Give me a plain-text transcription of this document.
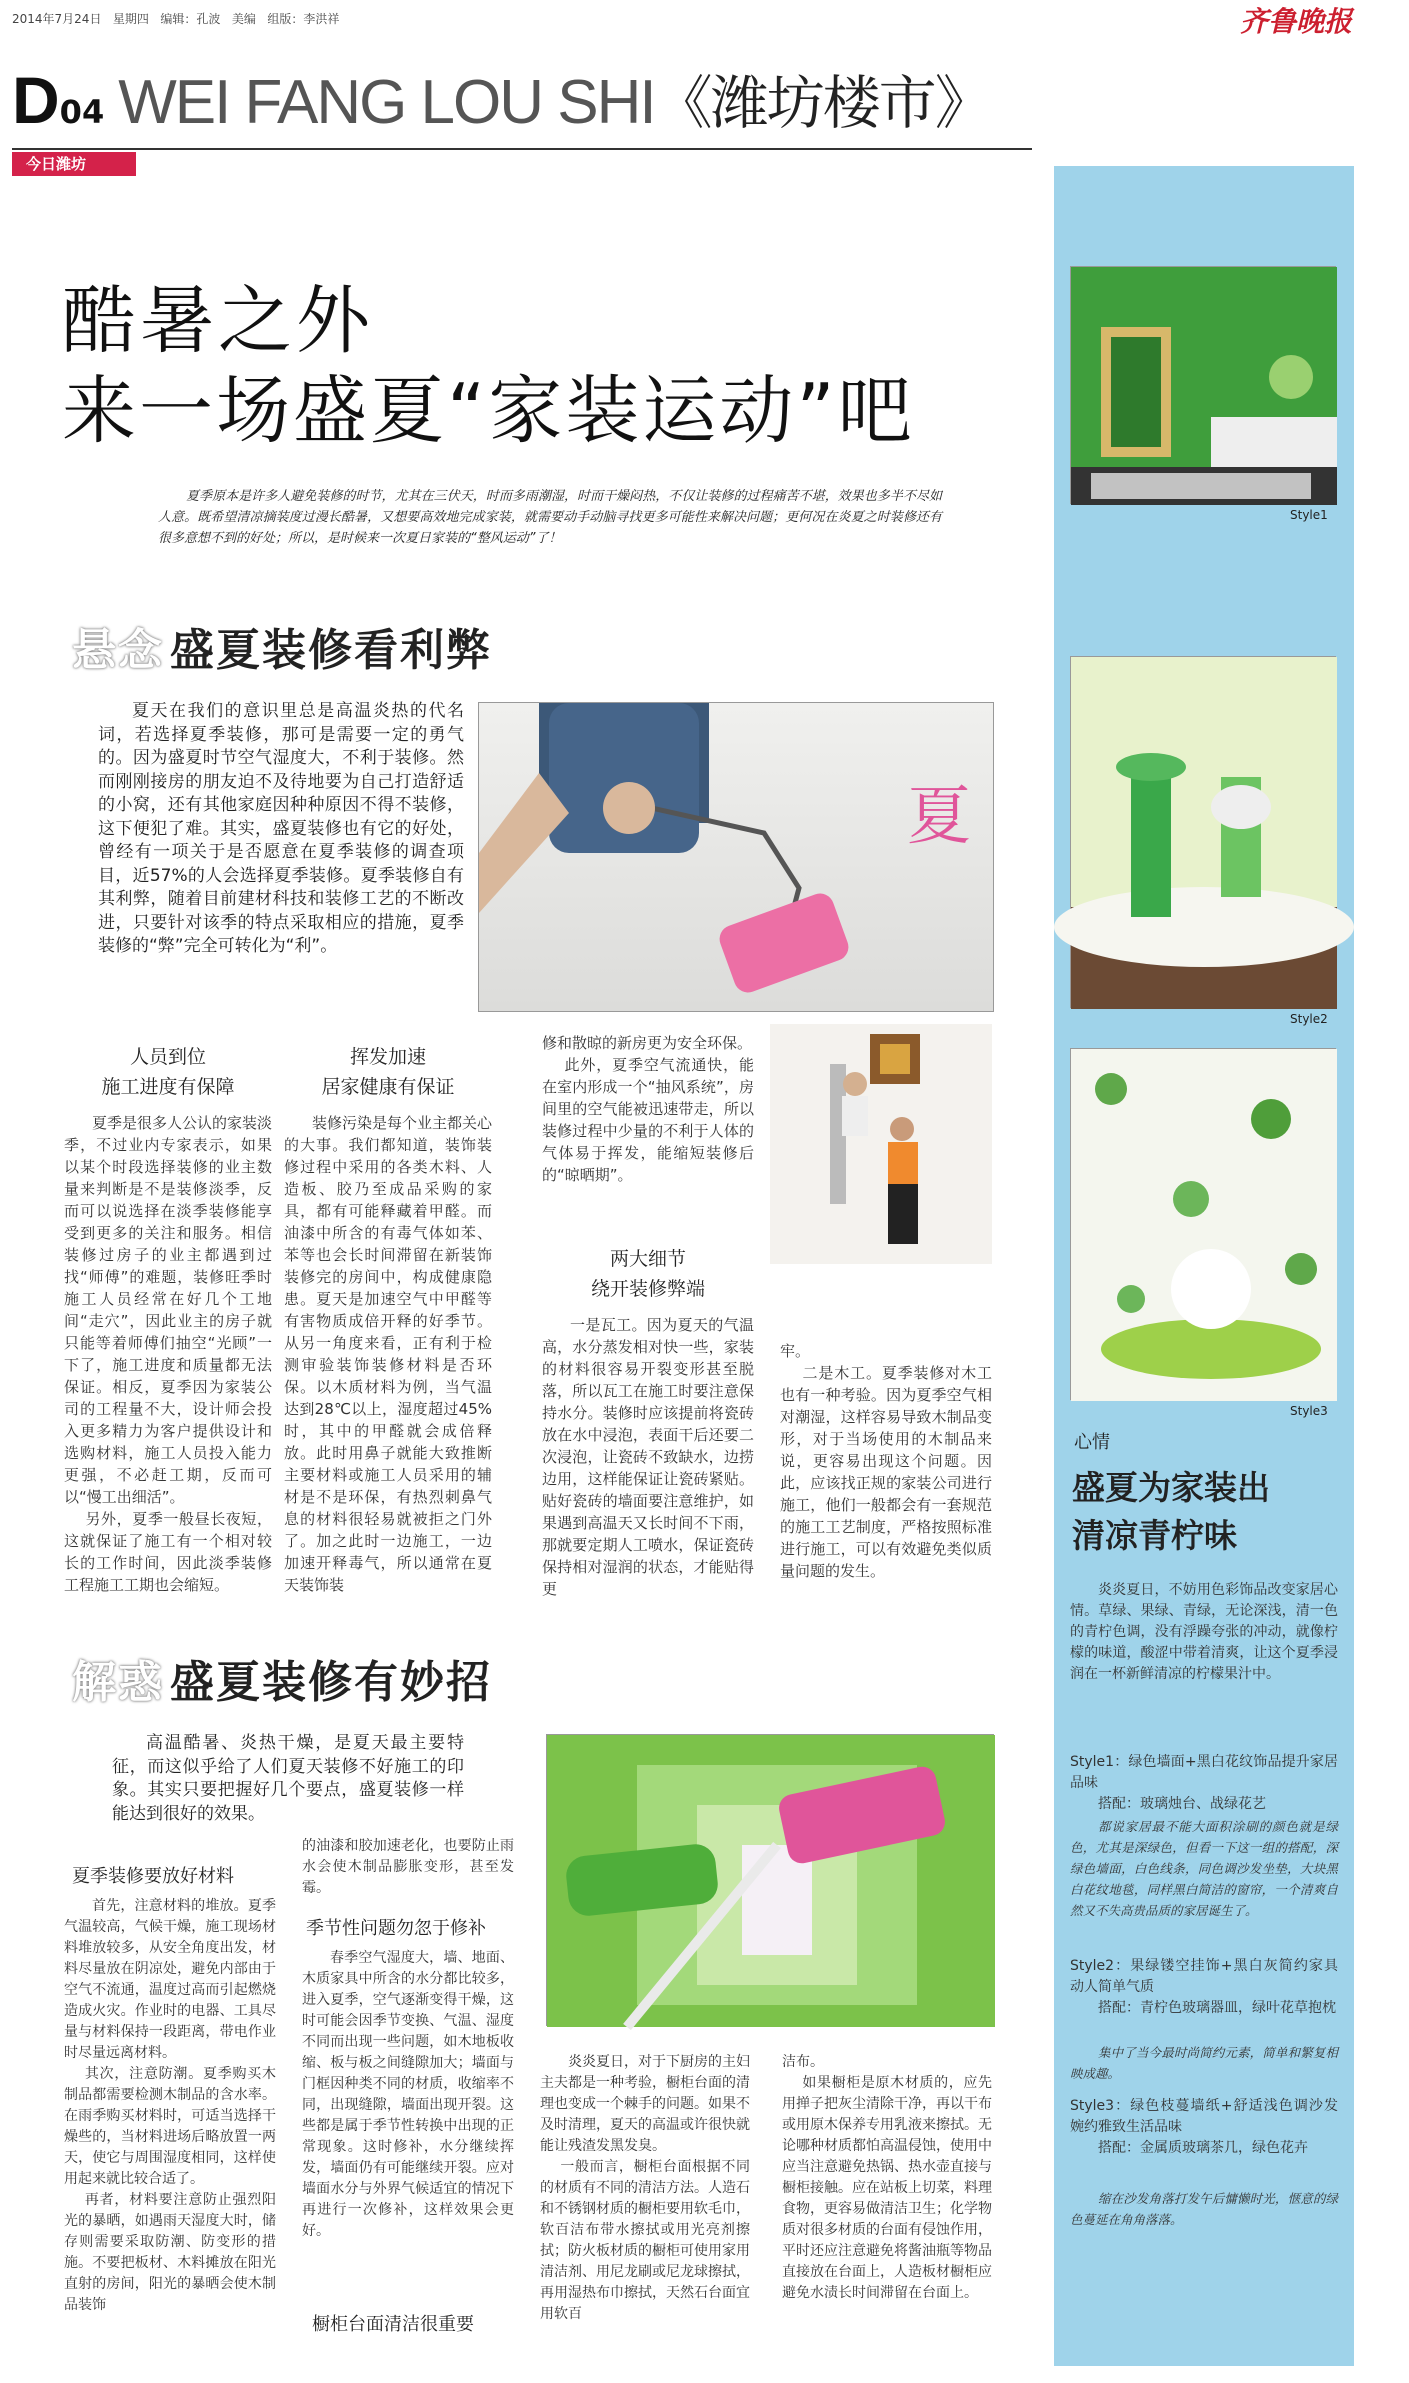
2014年7月24日 星期四 编辑：孔波 美编 组版：李洪祥	齐鲁晚报
D04 WEI FANG LOU SHI《潍坊楼市》
今日潍坊
酷暑之外
来一场盛夏“家装运动”吧
夏季原本是许多人避免装修的时节，尤其在三伏天，时而多雨潮湿，时而干燥闷热，不仅让装修的过程痛苦不堪，效果也多半不尽如人意。既希望清凉摘装度过漫长酷暑，又想要高效地完成家装，就需要动手动脑寻找更多可能性来解决问题；更何况在炎夏之时装修还有很多意想不到的好处；所以，是时候来一次夏日家装的“整风运动”了！
悬念 盛夏装修看利弊
夏天在我们的意识里总是高温炎热的代名词，若选择夏季装修，那可是需要一定的勇气的。因为盛夏时节空气湿度大，不利于装修。然而刚刚接房的朋友迫不及待地要为自己打造舒适的小窝，还有其他家庭因种种原因不得不装修，这下便犯了难。其实，盛夏装修也有它的好处，曾经有一项关于是否愿意在夏季装修的调查项目，近57%的人会选择夏季装修。夏季装修自有其利弊，随着目前建材科技和装修工艺的不断改进，只要针对该季的特点采取相应的措施，夏季装修的“弊”完全可转化为“利”。
夏
人员到位
施工进度有保障
夏季是很多人公认的家装淡季，不过业内专家表示，如果以某个时段选择装修的业主数量来判断是不是装修淡季，反而可以说选择在淡季装修能享受到更多的关注和服务。相信装修过房子的业主都遇到过找“师傅”的难题，装修旺季时施工人员经常在好几个工地间“走穴”，因此业主的房子就只能等着师傅们抽空“光顾”一下了，施工进度和质量都无法保证。相反，夏季因为家装公司的工程量不大，设计师会投入更多精力为客户提供设计和选购材料，施工人员投入能力更强，不必赶工期，反而可以“慢工出细活”。
另外，夏季一般昼长夜短，这就保证了施工有一个相对较长的工作时间，因此淡季装修工程施工工期也会缩短。
挥发加速
居家健康有保证
装修污染是每个业主都关心的大事。我们都知道，装饰装修过程中采用的各类木料、人造板、胶乃至成品采购的家具，都有可能释藏着甲醛。而油漆中所含的有毒气体如苯、苯等也会长时间滞留在新装饰装修完的房间中，构成健康隐患。夏天是加速空气中甲醛等有害物质成倍开释的好季节。从另一角度来看，正有利于检测审验装饰装修材料是否环保。以木质材料为例，当气温达到28℃以上，湿度超过45%时，其中的甲醛就会成倍释放。此时用鼻子就能大致推断主要材料或施工人员采用的辅材是不是环保，有热烈刺鼻气息的材料很轻易就被拒之门外了。加之此时一边施工，一边加速开释毒气，所以通常在夏天装饰装
修和散晾的新房更为安全环保。
此外，夏季空气流通快，能在室内形成一个“抽风系统”，房间里的空气能被迅速带走，所以装修过程中少量的不利于人体的气体易于挥发，能缩短装修后的“晾晒期”。
两大细节
绕开装修弊端
一是瓦工。因为夏天的气温高，水分蒸发相对快一些，家装的材料很容易开裂变形甚至脱落，所以瓦工在施工时要注意保持水分。装修时应该提前将瓷砖放在水中浸泡，表面干后还要二次浸泡，让瓷砖不致缺水，边捞边用，这样能保证让瓷砖紧贴。贴好瓷砖的墙面要注意维护，如果遇到高温天又长时间不下雨，那就要定期人工喷水，保证瓷砖保持相对湿润的状态，才能贴得更
牢。
二是木工。夏季装修对木工也有一种考验。因为夏季空气相对潮湿，这样容易导致木制品变形，对于当场使用的木制品来说，更容易出现这个问题。因此，应该找正规的家装公司进行施工，他们一般都会有一套规范的施工工艺制度，严格按照标准进行施工，可以有效避免类似质量问题的发生。
解惑 盛夏装修有妙招
高温酷暑、炎热干燥，是夏天最主要特征，而这似乎给了人们夏天装修不好施工的印象。其实只要把握好几个要点，盛夏装修一样能达到很好的效果。
夏季装修要放好材料
首先，注意材料的堆放。夏季气温较高，气候干燥，施工现场材料堆放较多，从安全角度出发，材料尽量放在阴凉处，避免内部由于空气不流通，温度过高而引起燃烧造成火灾。作业时的电器、工具尽量与材料保持一段距离，带电作业时尽量远离材料。
其次，注意防潮。夏季购买木制品都需要检测木制品的含水率。在雨季购买材料时，可适当选择干燥些的，当材料进场后略放置一两天，使它与周围湿度相同，这样使用起来就比较合适了。
再者，材料要注意防止强烈阳光的暴晒，如遇雨天湿度大时，储存则需要采取防潮、防变形的措施。不要把板材、木料摊放在阳光直射的房间，阳光的暴晒会使木制品装饰
的油漆和胶加速老化，也要防止雨水会使木制品膨胀变形，甚至发霉。
季节性问题勿忽于修补
春季空气湿度大，墙、地面、木质家具中所含的水分都比较多，进入夏季，空气逐渐变得干燥，这时可能会因季节变换、气温、湿度不同而出现一些问题，如木地板收缩、板与板之间缝隙加大；墙面与门框因种类不同的材质，收缩率不同，出现缝隙，墙面出现开裂。这些都是属于季节性转换中出现的正常现象。这时修补，水分继续挥发，墙面仍有可能继续开裂。应对墙面水分与外界气候适宜的情况下再进行一次修补，这样效果会更好。
橱柜台面清洁很重要
炎炎夏日，对于下厨房的主妇主夫都是一种考验，橱柜台面的清理也变成一个棘手的问题。如果不及时清理，夏天的高温或许很快就能让残渣发黑发臭。
一般而言，橱柜台面根据不同的材质有不同的清洁方法。人造石和不锈钢材质的橱柜要用软毛巾，软百洁布带水擦拭或用光亮剂擦拭；防火板材质的橱柜可使用家用清洁剂、用尼龙刷或尼龙球擦拭，再用湿热布巾擦拭，天然石台面宜用软百
洁布。
如果橱柜是原木材质的，应先用掸子把灰尘清除干净，再以干布或用原木保养专用乳液来擦拭。无论哪种材质都怕高温侵蚀，使用中应当注意避免热锅、热水壶直接与橱柜接触。应在站板上切菜，料理食物，更容易做清洁卫生；化学物质对很多材质的台面有侵蚀作用，平时还应注意避免将酱油瓶等物品直接放在台面上，人造板材橱柜应避免水渍长时间滞留在台面上。
Style1
Style2
Style3
心情
盛夏为家装出
清凉青柠味
炎炎夏日，不妨用色彩饰品改变家居心情。草绿、果绿、青绿，无论深浅，清一色的青柠色调，没有浮躁夸张的冲动，就像柠檬的味道，酸涩中带着清爽，让这个夏季浸润在一杯新鲜清凉的柠檬果汁中。
Style1：绿色墙面+黑白花纹饰品提升家居品味
搭配：玻璃烛台、战绿花艺
都说家居最不能大面积涂刷的颜色就是绿色，尤其是深绿色，但看一下这一组的搭配，深绿色墙面，白色线条，同色调沙发坐垫，大块黑白花纹地毯，同样黑白简洁的窗帘，一个清爽自然又不失高贵品质的家居诞生了。
Style2：果绿镂空挂饰+黑白灰简约家具　动人简单气质
搭配：青柠色玻璃器皿，绿叶花草抱枕
集中了当今最时尚简约元素，简单和繁复相映成趣。
Style3：绿色枝蔓墙纸+舒适浅色调沙发　婉约雅致生活品味
搭配：金属质玻璃茶几，绿色花卉
缩在沙发角落打发午后慵懒时光，惬意的绿色蔓延在角角落落。
